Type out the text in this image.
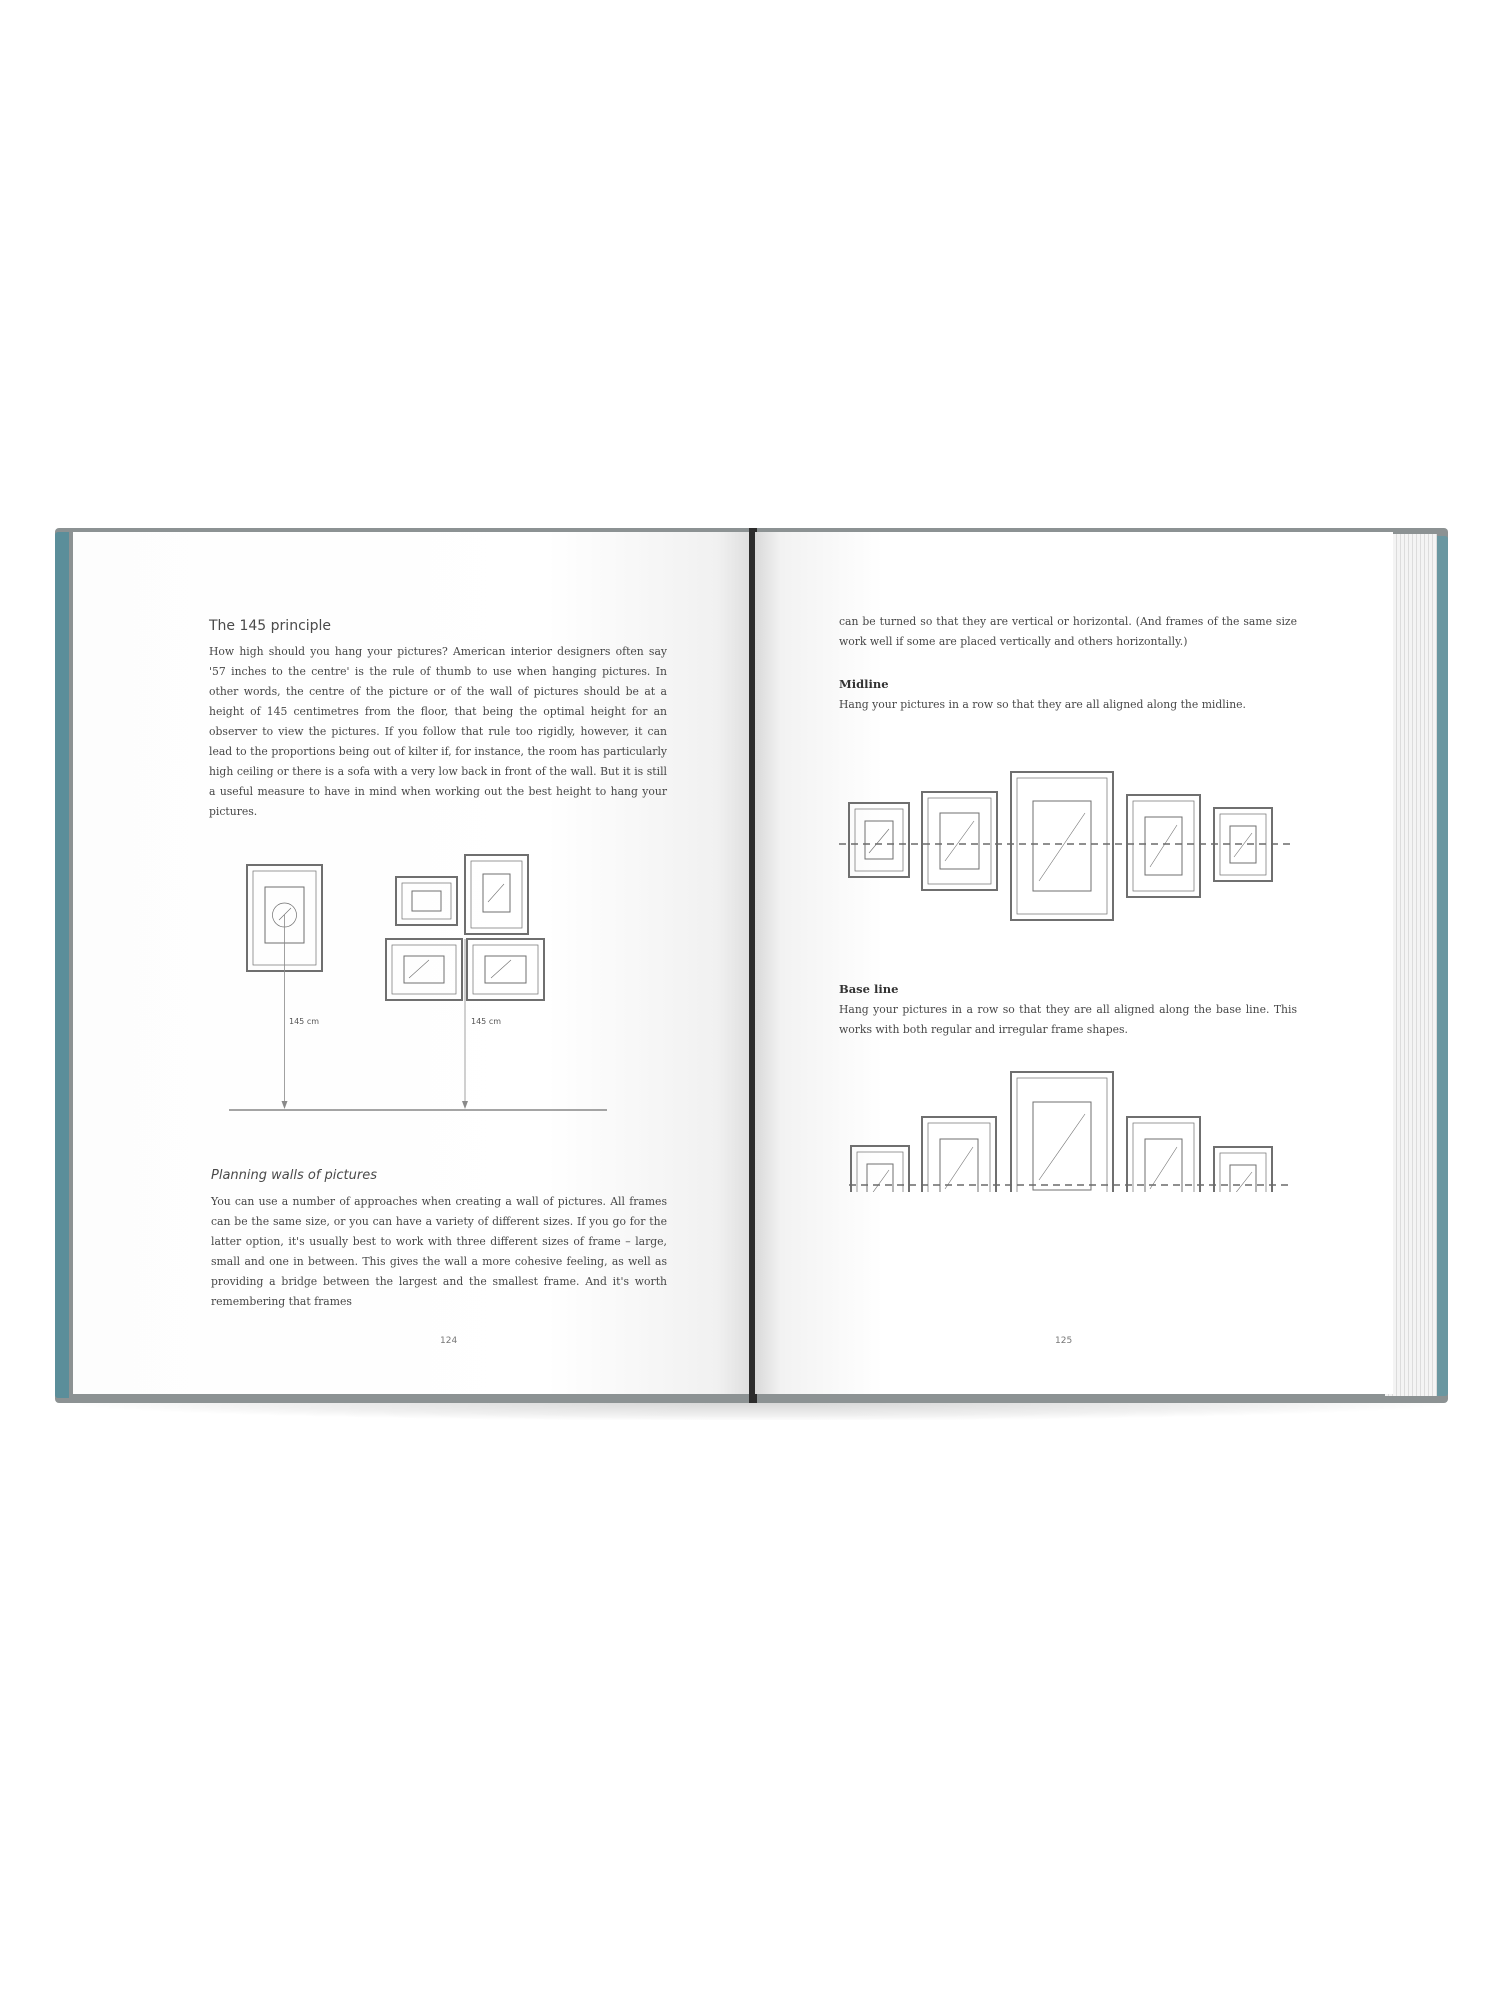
The 145 principle

How high should you hang your pictures? American interior designers often say '57 inches to the centre' is the rule of thumb to use when hanging pictures. In other words, the centre of the picture or of the wall of pictures should be at a height of 145 centimetres from the floor, that being the optimal height for an observer to view the pictures. If you follow that rule too rigidly, however, it can lead to the proportions being out of kilter if, for instance, the room has particularly high ceiling or there is a sofa with a very low back in front of the wall. But it is still a useful measure to have in mind when working out the best height to hang your pictures.

145 cm	145 cm
Planning walls of pictures

You can use a number of approaches when creating a wall of pictures. All frames can be the same size, or you can have a variety of different sizes. If you go for the latter option, it's usually best to work with three different sizes of frame – large, small and one in between. This gives the wall a more cohesive feeling, as well as providing a bridge between the largest and the smallest frame. And it's worth remembering that frames

124

can be turned so that they are vertical or horizontal. (And frames of the same size work well if some are placed vertically and others horizontally.)

Midline

Hang your pictures in a row so that they are all aligned along the midline.

Base line

Hang your pictures in a row so that they are all aligned along the base line. This works with both regular and irregular frame shapes.

125
